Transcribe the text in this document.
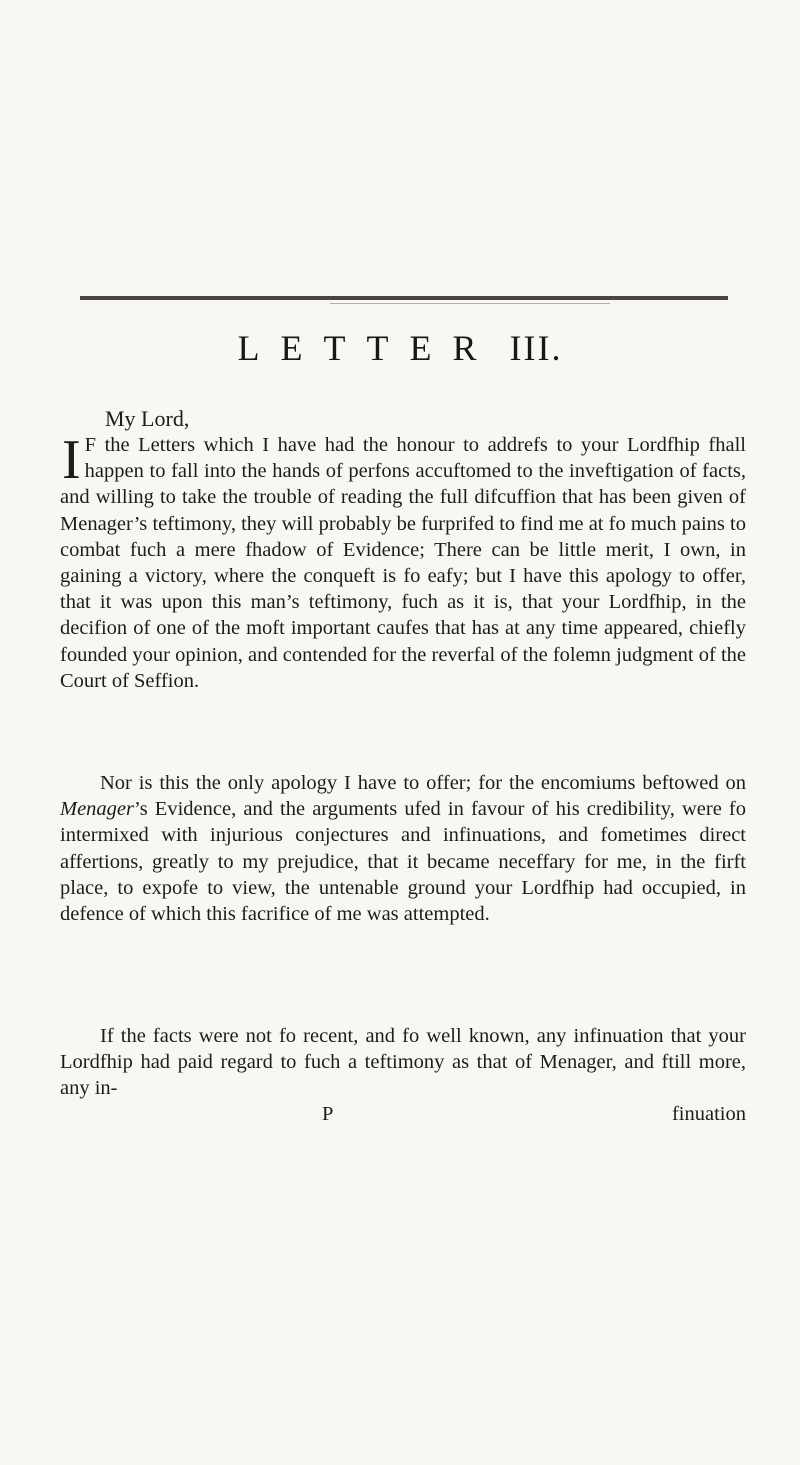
LETTER III.
My Lord,

I F the Letters which I have had the honour to addrefs to your Lordfhip fhall happen to fall into the hands of perfons accuftomed to the inveftigation of facts, and willing to take the trouble of reading the full difcuffion that has been given of Menager’s teftimony, they will probably be furprifed to find me at fo much pains to combat fuch a mere fhadow of Evidence; There can be little merit, I own, in gaining a victory, where the conqueft is fo eafy; but I have this apology to offer, that it was upon this man’s teftimony, fuch as it is, that your Lordfhip, in the decifion of one of the moft important caufes that has at any time appeared, chiefly founded your opinion, and contended for the reverfal of the folemn judgment of the Court of Seffion.

Nor is this the only apology I have to offer; for the encomiums beftowed on Menager’s Evidence, and the arguments ufed in favour of his credibility, were fo intermixed with injurious conjectures and infinuations, and fometimes direct affertions, greatly to my prejudice, that it became neceffary for me, in the firft place, to expofe to view, the untenable ground your Lordfhip had occupied, in defence of which this facrifice of me was attempted.

If the facts were not fo recent, and fo well known, any infinuation that your Lordfhip had paid regard to fuch a teftimony as that of Menager, and ftill more, any in-

P	finuation
